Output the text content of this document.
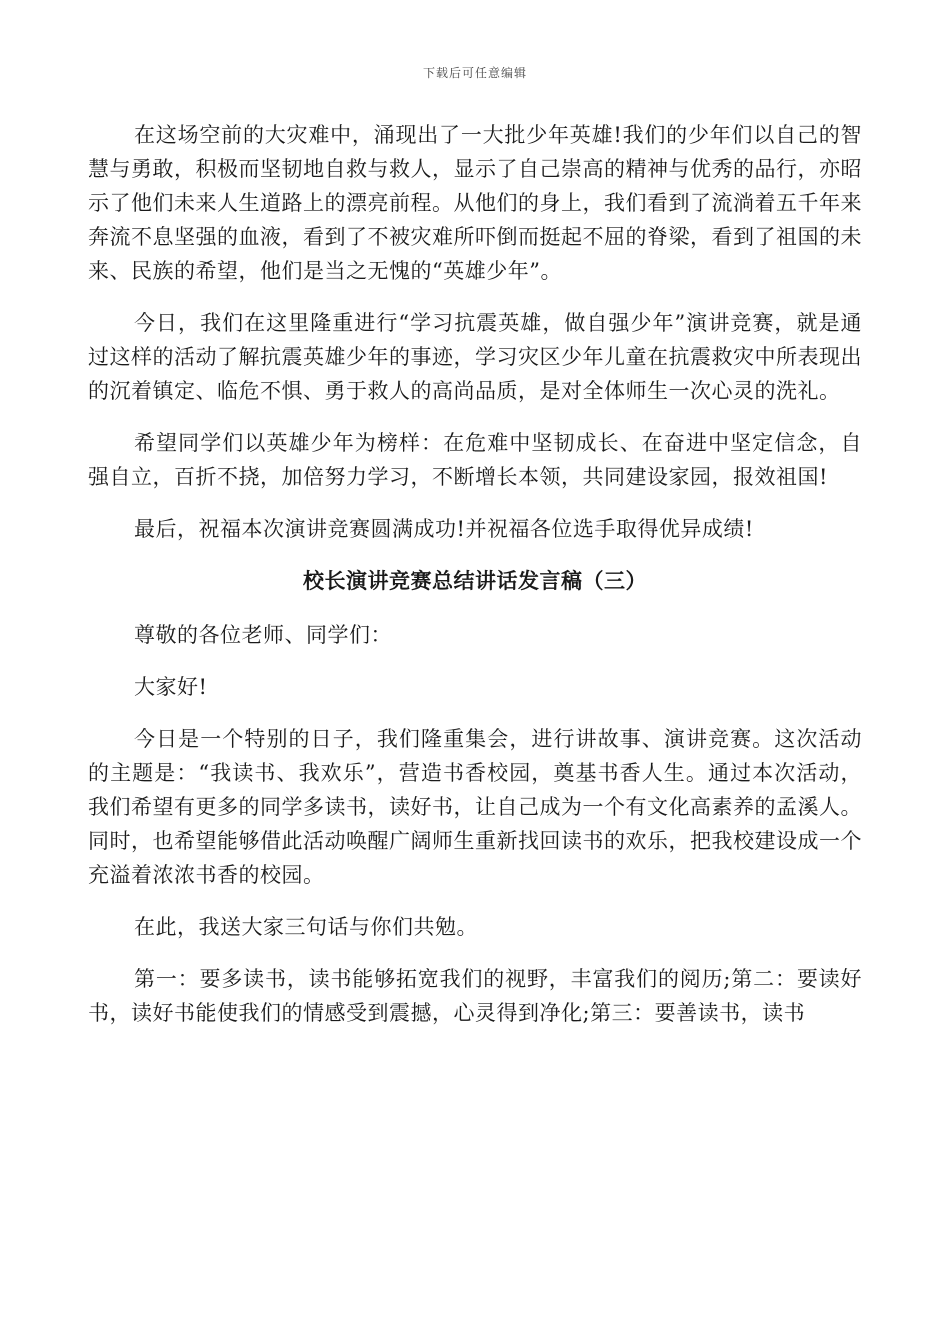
下载后可任意编辑

在这场空前的大灾难中，涌现出了一大批少年英雄!我们的少年们以自己的智慧与勇敢，积极而坚韧地自救与救人，显示了自己崇高的精神与优秀的品行，亦昭示了他们未来人生道路上的漂亮前程。从他们的身上，我们看到了流淌着五千年来奔流不息坚强的血液，看到了不被灾难所吓倒而挺起不屈的脊梁，看到了祖国的未来、民族的希望，他们是当之无愧的“英雄少年”。

今日，我们在这里隆重进行“学习抗震英雄，做自强少年”演讲竞赛，就是通过这样的活动了解抗震英雄少年的事迹，学习灾区少年儿童在抗震救灾中所表现出的沉着镇定、临危不惧、勇于救人的高尚品质，是对全体师生一次心灵的洗礼。

希望同学们以英雄少年为榜样：在危难中坚韧成长、在奋进中坚定信念，自强自立，百折不挠，加倍努力学习，不断增长本领，共同建设家园，报效祖国!

最后，祝福本次演讲竞赛圆满成功!并祝福各位选手取得优异成绩!

校长演讲竞赛总结讲话发言稿（三）

尊敬的各位老师、同学们：

大家好!

今日是一个特别的日子，我们隆重集会，进行讲故事、演讲竞赛。这次活动的主题是：“我读书、我欢乐”，营造书香校园，奠基书香人生。通过本次活动，我们希望有更多的同学多读书，读好书，让自己成为一个有文化高素养的孟溪人。同时，也希望能够借此活动唤醒广阔师生重新找回读书的欢乐，把我校建设成一个充溢着浓浓书香的校园。

在此，我送大家三句话与你们共勉。

第一：要多读书，读书能够拓宽我们的视野，丰富我们的阅历;第二：要读好书，读好书能使我们的情感受到震撼，心灵得到净化;第三：要善读书，读书
